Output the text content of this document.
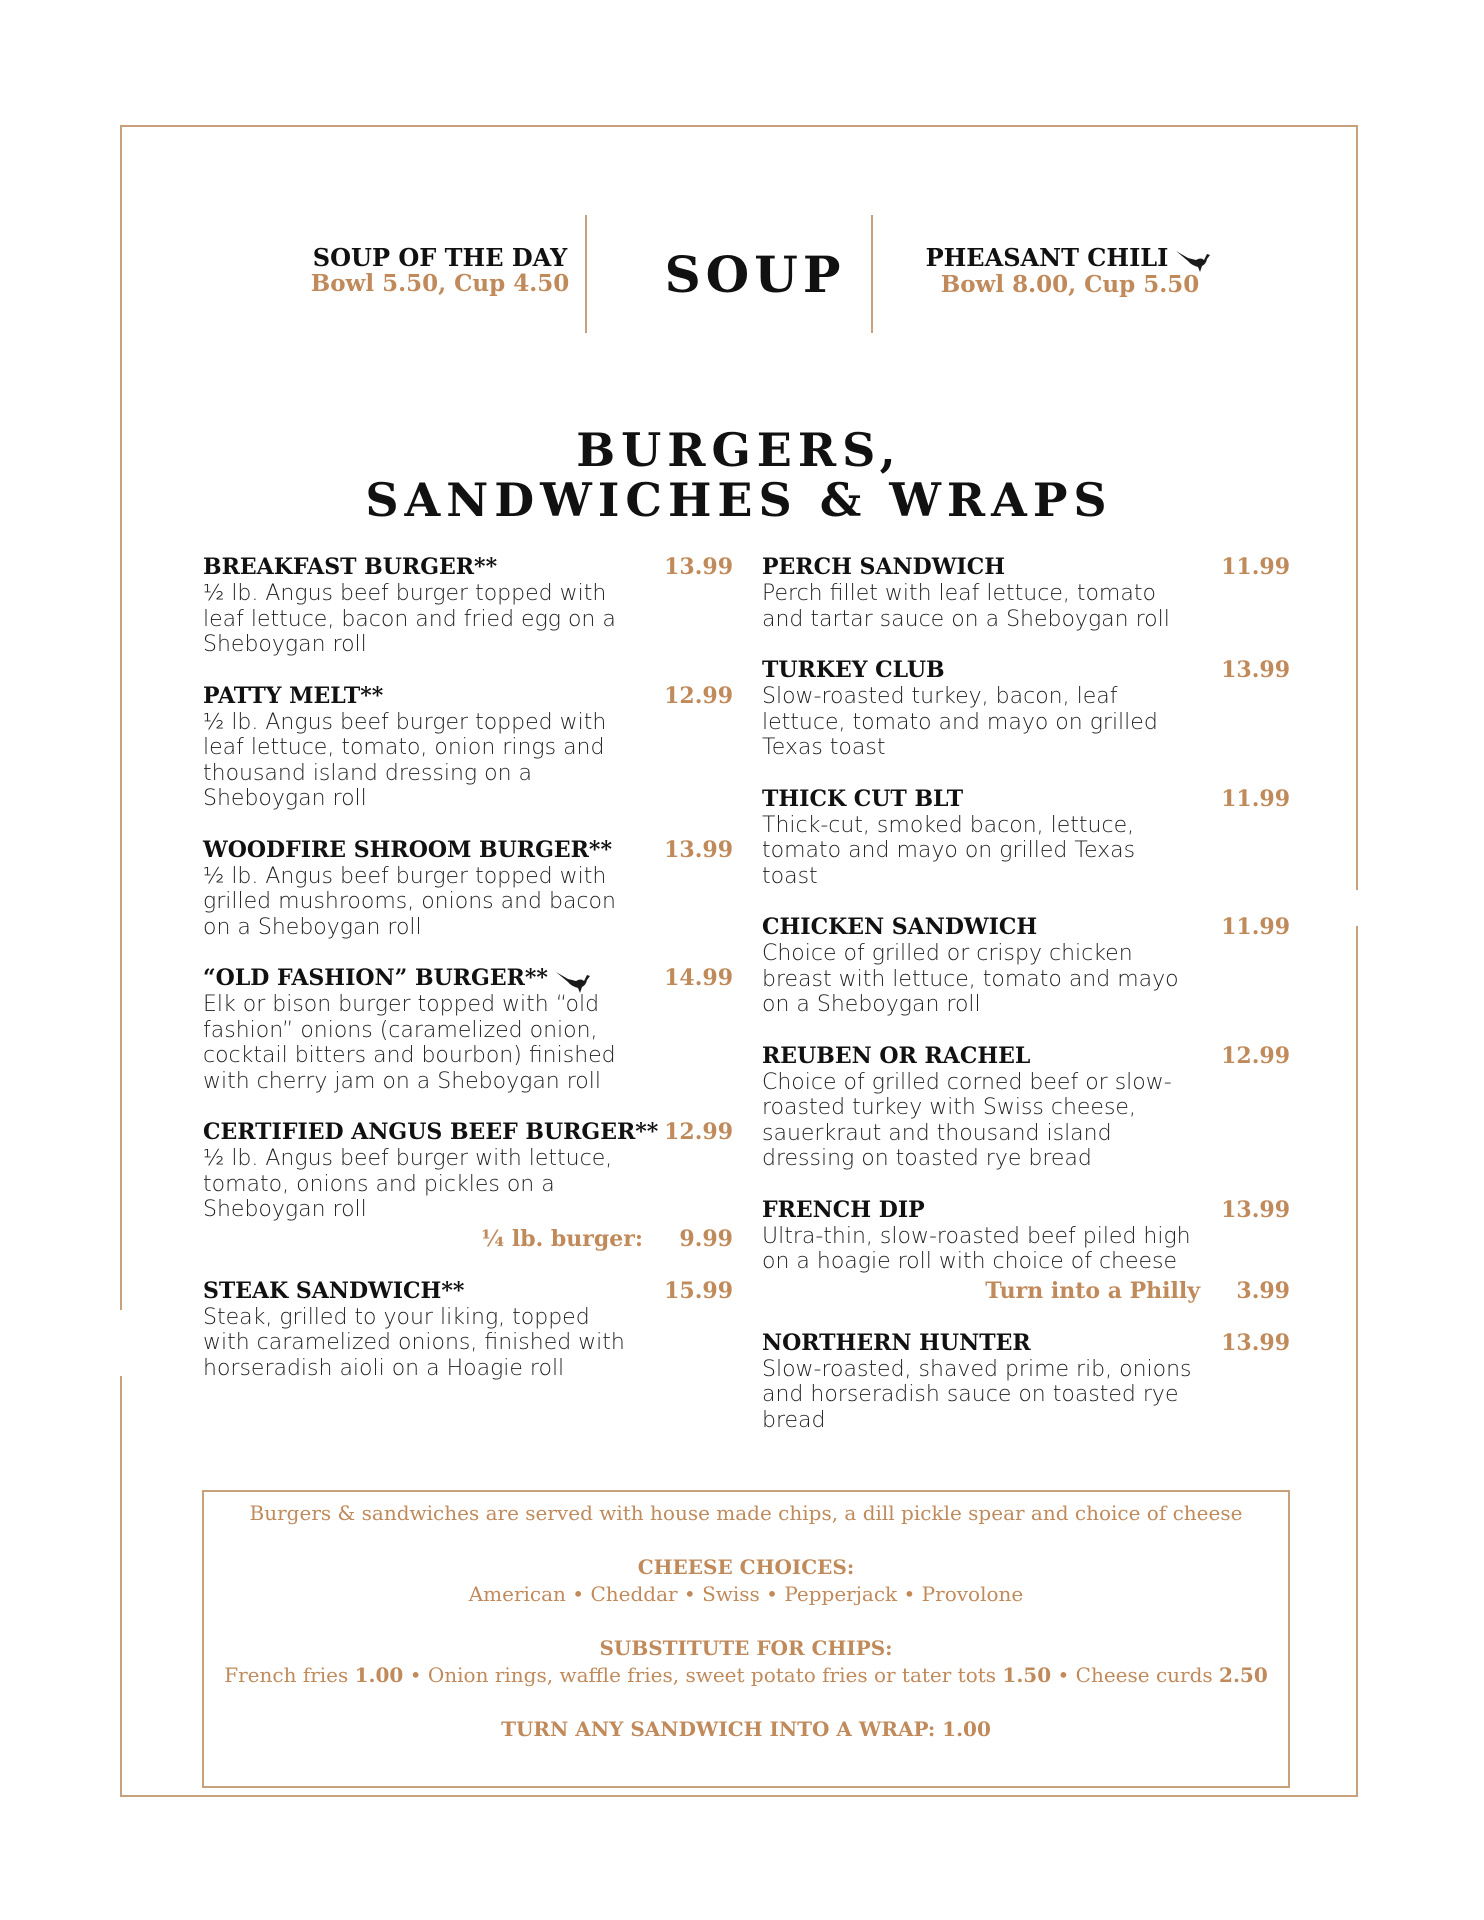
SOUP OF THE DAY
Bowl 5.50, Cup 4.50	SOUP	PHEASANT CHILI
Bowl 8.00, Cup 5.50
BURGERS,
SANDWICHES & WRAPS
BREAKFAST BURGER**	13.99
½ lb. Angus beef burger topped with leaf lettuce, bacon and fried egg on a Sheboygan roll
PATTY MELT**	12.99
½ lb. Angus beef burger topped with leaf lettuce, tomato, onion rings and thousand island dressing on a Sheboygan roll
WOODFIRE SHROOM BURGER** 13.99
½ lb. Angus beef burger topped with grilled mushrooms, onions and bacon on a Sheboygan roll
“OLD FASHION” BURGER**	14.99
Elk or bison burger topped with “old fashion” onions (caramelized onion, cocktail bitters and bourbon) finished with cherry jam on a Sheboygan roll
CERTIFIED ANGUS BEEF BURGER** 12.99
½ lb. Angus beef burger with lettuce, tomato, onions and pickles on a Sheboygan roll
¼ lb. burger: 9.99
STEAK SANDWICH**	15.99
Steak, grilled to your liking, topped with caramelized onions, finished with horseradish aioli on a Hoagie roll
PERCH SANDWICH	11.99
Perch fillet with leaf lettuce, tomato and tartar sauce on a Sheboygan roll
TURKEY CLUB	13.99
Slow-roasted turkey, bacon, leaf lettuce, tomato and mayo on grilled Texas toast
THICK CUT BLT	11.99
Thick-cut, smoked bacon, lettuce, tomato and mayo on grilled Texas toast
CHICKEN SANDWICH	11.99
Choice of grilled or crispy chicken breast with lettuce, tomato and mayo on a Sheboygan roll
REUBEN OR RACHEL	12.99
Choice of grilled corned beef or slow-roasted turkey with Swiss cheese, sauerkraut and thousand island dressing on toasted rye bread
FRENCH DIP	13.99
Ultra-thin, slow-roasted beef piled high on a hoagie roll with choice of cheese
Turn into a Philly 3.99
NORTHERN HUNTER	13.99
Slow-roasted, shaved prime rib, onions and horseradish sauce on toasted rye bread

Burgers & sandwiches are served with house made chips, a dill pickle spear and choice of cheese

CHEESE CHOICES:

American • Cheddar • Swiss • Pepperjack • Provolone

SUBSTITUTE FOR CHIPS:

French fries 1.00 • Onion rings, waffle fries, sweet potato fries or tater tots 1.50 • Cheese curds 2.50

TURN ANY SANDWICH INTO A WRAP: 1.00
